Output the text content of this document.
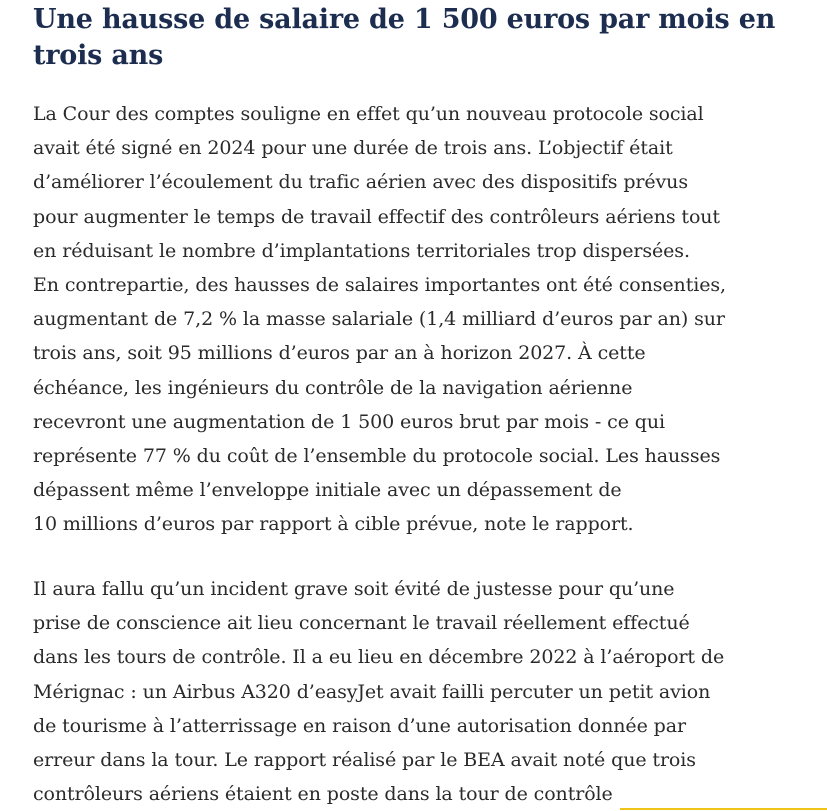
Une hausse de salaire de 1 500 euros par mois en
trois ans

La Cour des comptes souligne en effet qu’un nouveau protocole social
avait été signé en 2024 pour une durée de trois ans. L’objectif était
d’améliorer l’écoulement du trafic aérien avec des dispositifs prévus
pour augmenter le temps de travail effectif des contrôleurs aériens tout
en réduisant le nombre d’implantations territoriales trop dispersées.
En contrepartie, des hausses de salaires importantes ont été consenties,
augmentant de 7,2 % la masse salariale (1,4 milliard d’euros par an) sur
trois ans, soit 95 millions d’euros par an à horizon 2027. À cette
échéance, les ingénieurs du contrôle de la navigation aérienne
recevront une augmentation de 1 500 euros brut par mois - ce qui
représente 77 % du coût de l’ensemble du protocole social. Les hausses
dépassent même l’enveloppe initiale avec un dépassement de
10 millions d’euros par rapport à cible prévue, note le rapport.

Il aura fallu qu’un incident grave soit évité de justesse pour qu’une
prise de conscience ait lieu concernant le travail réellement effectué
dans les tours de contrôle. Il a eu lieu en décembre 2022 à l’aéroport de
Mérignac : un Airbus A320 d’easyJet avait failli percuter un petit avion
de tourisme à l’atterrissage en raison d’une autorisation donnée par
erreur dans la tour. Le rapport réalisé par le BEA avait noté que trois
contrôleurs aériens étaient en poste dans la tour de contrôle
